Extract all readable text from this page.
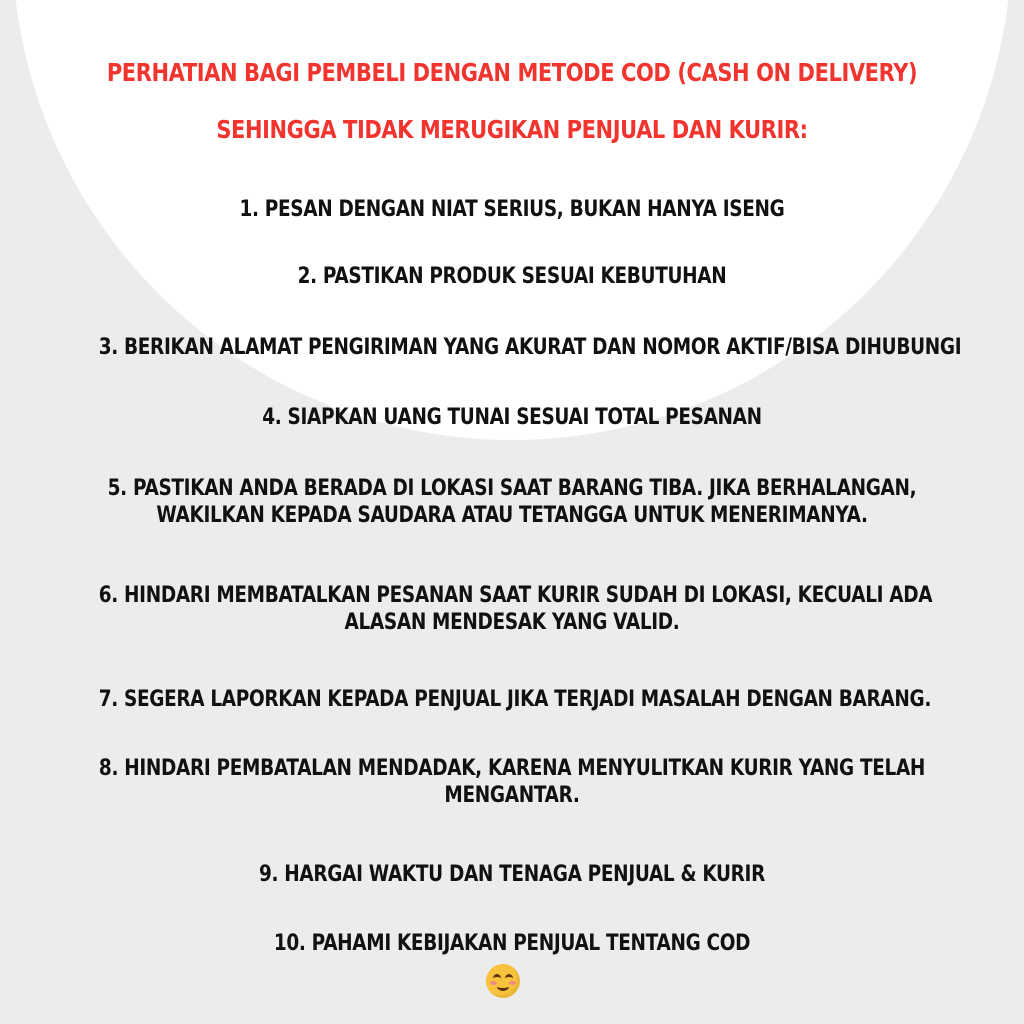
PERHATIAN BAGI PEMBELI DENGAN METODE COD (CASH ON DELIVERY)
SEHINGGA TIDAK MERUGIKAN PENJUAL DAN KURIR:
1. PESAN DENGAN NIAT SERIUS, BUKAN HANYA ISENG
2. PASTIKAN PRODUK SESUAI KEBUTUHAN
3. BERIKAN ALAMAT PENGIRIMAN YANG AKURAT DAN NOMOR AKTIF/BISA DIHUBUNGI
4. SIAPKAN UANG TUNAI SESUAI TOTAL PESANAN
5. PASTIKAN ANDA BERADA DI LOKASI SAAT BARANG TIBA. JIKA BERHALANGAN,
WAKILKAN KEPADA SAUDARA ATAU TETANGGA UNTUK MENERIMANYA.
6. HINDARI MEMBATALKAN PESANAN SAAT KURIR SUDAH DI LOKASI, KECUALI ADA
ALASAN MENDESAK YANG VALID.
7. SEGERA LAPORKAN KEPADA PENJUAL JIKA TERJADI MASALAH DENGAN BARANG.
8. HINDARI PEMBATALAN MENDADAK, KARENA MENYULITKAN KURIR YANG TELAH
MENGANTAR.
9. HARGAI WAKTU DAN TENAGA PENJUAL & KURIR
10. PAHAMI KEBIJAKAN PENJUAL TENTANG COD
